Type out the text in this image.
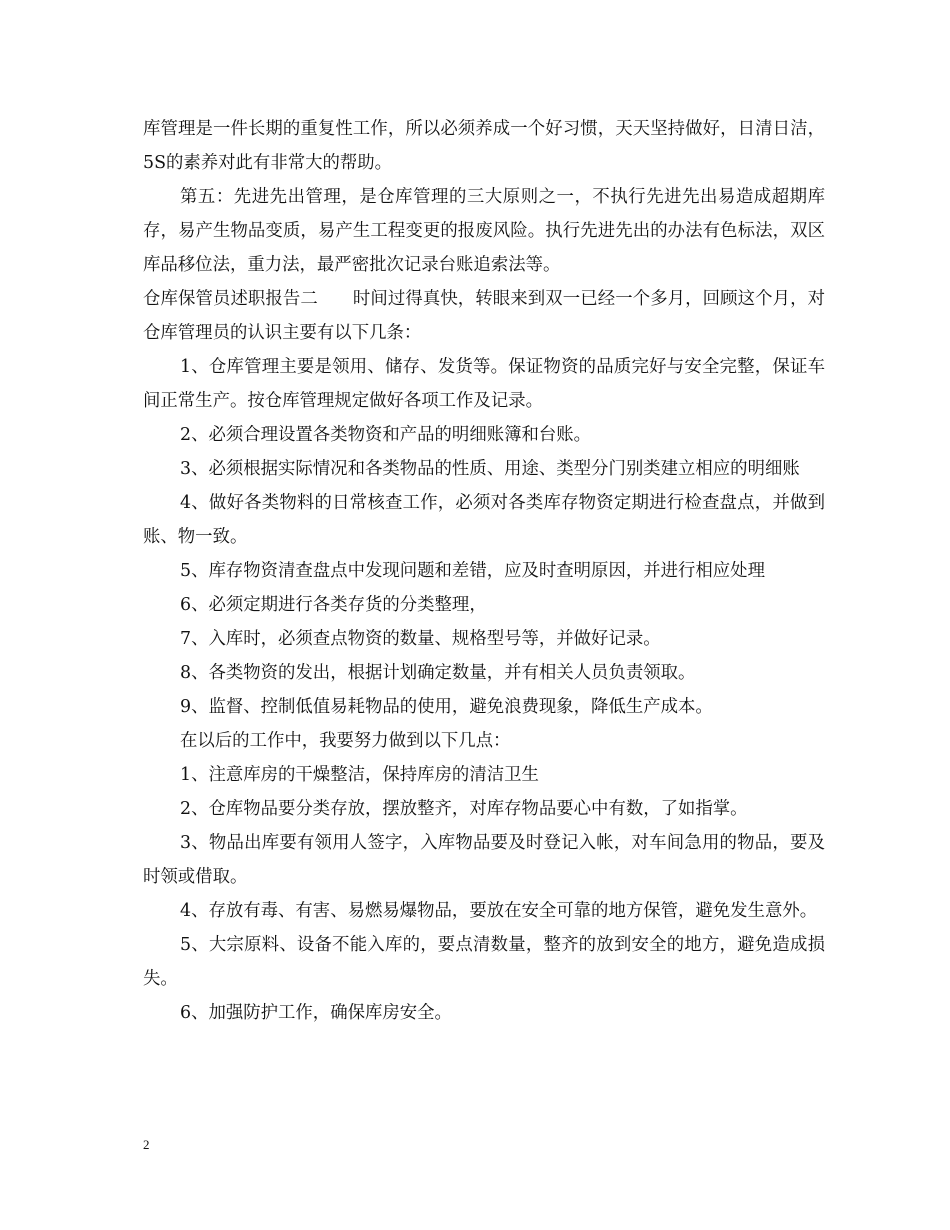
库管理是一件长期的重复性工作，所以必须养成一个好习惯，天天坚持做好，日清日洁，5S的素养对此有非常大的帮助。

第五：先进先出管理，是仓库管理的三大原则之一，不执行先进先出易造成超期库存，易产生物品变质，易产生工程变更的报废风险。执行先进先出的办法有色标法，双区库品移位法，重力法，最严密批次记录台账追索法等。

仓库保管员述职报告二　　时间过得真快，转眼来到双一已经一个多月，回顾这个月，对仓库管理员的认识主要有以下几条：

1、仓库管理主要是领用、储存、发货等。保证物资的品质完好与安全完整，保证车间正常生产。按仓库管理规定做好各项工作及记录。

2、必须合理设置各类物资和产品的明细账簿和台账。

3、必须根据实际情况和各类物品的性质、用途、类型分门别类建立相应的明细账

4、做好各类物料的日常核查工作，必须对各类库存物资定期进行检查盘点，并做到账、物一致。

5、库存物资清查盘点中发现问题和差错，应及时查明原因，并进行相应处理

6、必须定期进行各类存货的分类整理，

7、入库时，必须查点物资的数量、规格型号等，并做好记录。

8、各类物资的发出，根据计划确定数量，并有相关人员负责领取。

9、监督、控制低值易耗物品的使用，避免浪费现象，降低生产成本。

在以后的工作中，我要努力做到以下几点：

1、注意库房的干燥整洁，保持库房的清洁卫生

2、仓库物品要分类存放，摆放整齐，对库存物品要心中有数，了如指掌。

3、物品出库要有领用人签字，入库物品要及时登记入帐，对车间急用的物品，要及时领或借取。

4、存放有毒、有害、易燃易爆物品，要放在安全可靠的地方保管，避免发生意外。

5、大宗原料、设备不能入库的，要点清数量，整齐的放到安全的地方，避免造成损失。

6、加强防护工作，确保库房安全。

2
